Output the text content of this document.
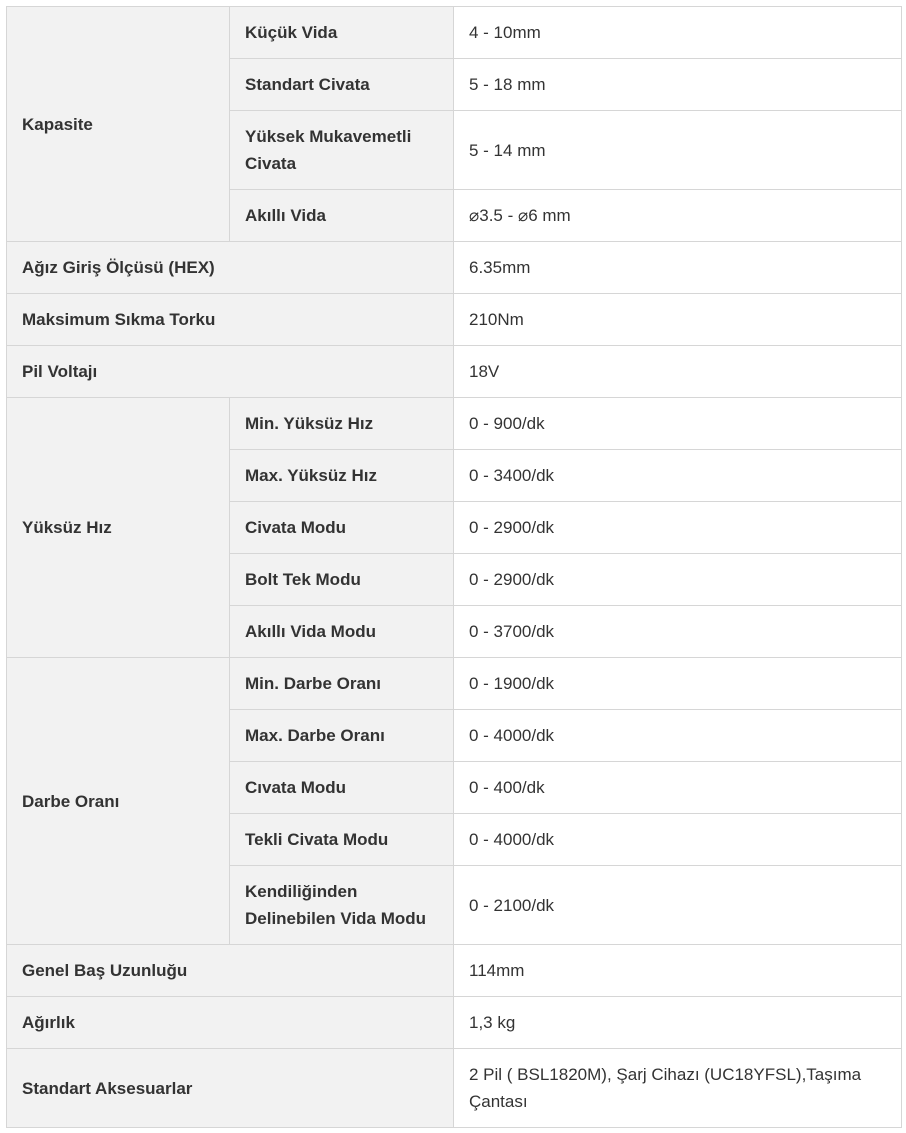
Kapasite	Küçük Vida	4 - 10mm
	Standart Civata	5 - 18 mm
	Yüksek Mukavemetli Civata	5 - 14 mm
	Akıllı Vida	⌀3.5 - ⌀6 mm
Ağız Giriş Ölçüsü (HEX)		6.35mm
Maksimum Sıkma Torku		210Nm
Pil Voltajı		18V
Yüksüz Hız	Min. Yüksüz Hız	0 - 900/dk
	Max. Yüksüz Hız	0 - 3400/dk
	Civata Modu	0 - 2900/dk
	Bolt Tek Modu	0 - 2900/dk
	Akıllı Vida Modu	0 - 3700/dk
Darbe Oranı	Min. Darbe Oranı	0 - 1900/dk
	Max. Darbe Oranı	0 - 4000/dk
	Cıvata Modu	0 - 400/dk
	Tekli Civata Modu	0 - 4000/dk
	Kendiliğinden Delinebilen Vida Modu	0 - 2100/dk
Genel Baş Uzunluğu		114mm
Ağırlık		1,3 kg
Standart Aksesuarlar		2 Pil ( BSL1820M), Şarj Cihazı (UC18YFSL),Taşıma Çantası
